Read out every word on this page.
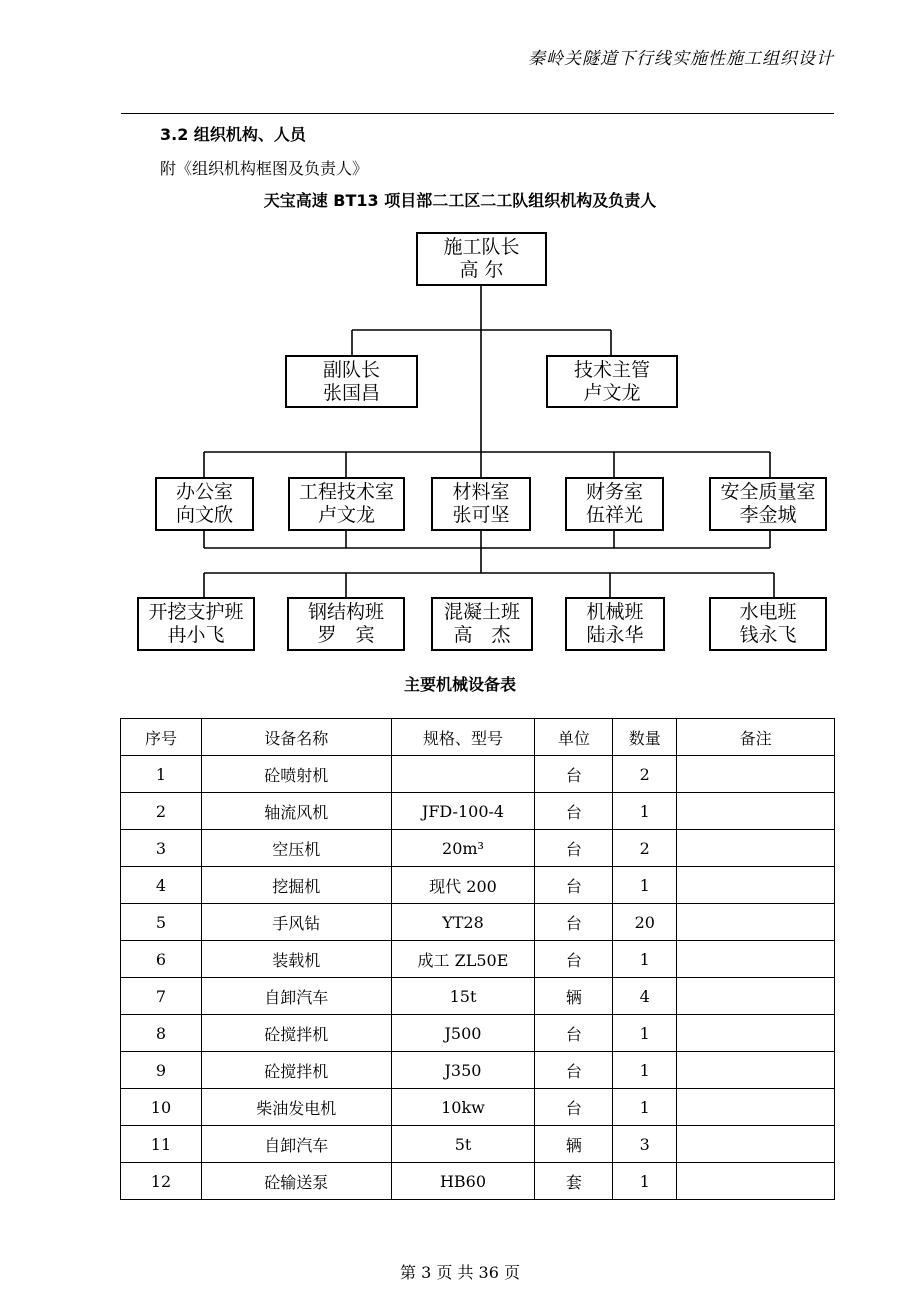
秦岭关隧道下行线实施性施工组织设计
3.2 组织机构、人员
附《组织机构框图及负责人》
天宝高速 BT13 项目部二工区二工队组织机构及负责人
施工队长
高 尔
副队长
张国昌
技术主管
卢文龙
办公室
向文欣
工程技术室
卢文龙
材料室
张可坚
财务室
伍祥光
安全质量室
李金城
开挖支护班
冉小飞
钢结构班
罗　宾
混凝土班
高　杰
机械班
陆永华
水电班
钱永飞
主要机械设备表
序号	设备名称	规格、型号	单位	数量	备注
1	砼喷射机		台	2	
2	轴流风机	JFD-100-4	台	1	
3	空压机	20m³	台	2	
4	挖掘机	现代 200	台	1	
5	手风钻	YT28	台	20	
6	装载机	成工 ZL50E	台	1	
7	自卸汽车	15t	辆	4	
8	砼搅拌机	J500	台	1	
9	砼搅拌机	J350	台	1	
10	柴油发电机	10kw	台	1	
11	自卸汽车	5t	辆	3	
12	砼输送泵	HB60	套	1	
第 3 页 共 36 页
